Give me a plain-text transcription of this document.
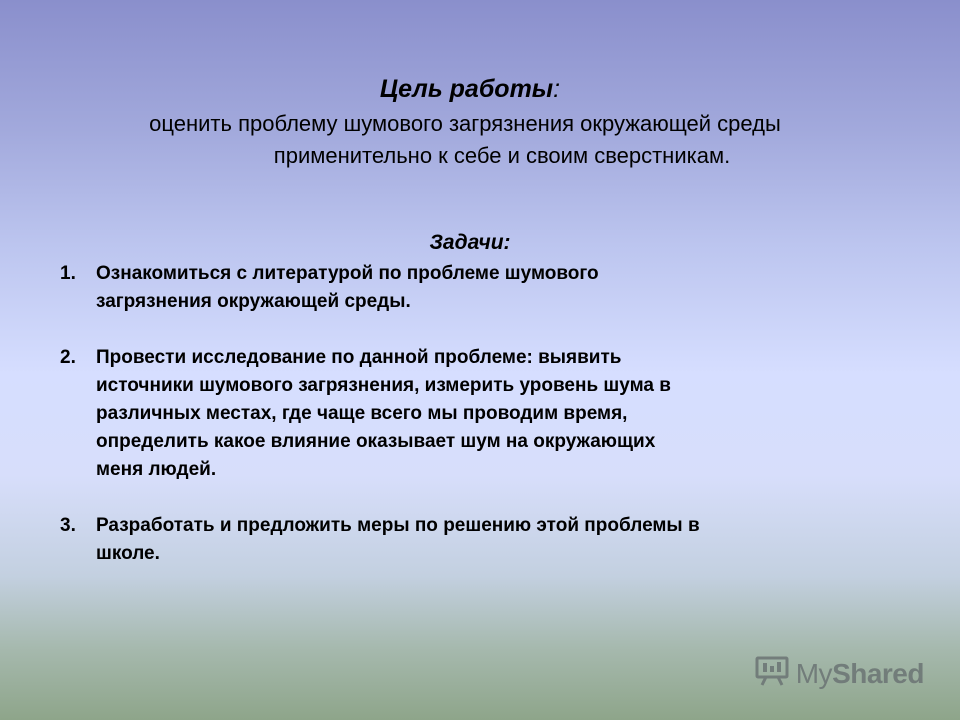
Цель работы:
оценить проблему шумового загрязнения окружающей среды
применительно к себе и своим сверстникам.
Задачи:
1. Ознакомиться с литературой по проблеме шумового
загрязнения окружающей среды.
2. Провести исследование по данной проблеме: выявить
источники шумового загрязнения, измерить уровень шума в
различных местах, где чаще всего мы проводим время,
определить какое влияние оказывает шум на окружающих
меня людей.
3. Разработать и предложить меры по решению этой проблемы в
школе.
MyShared
